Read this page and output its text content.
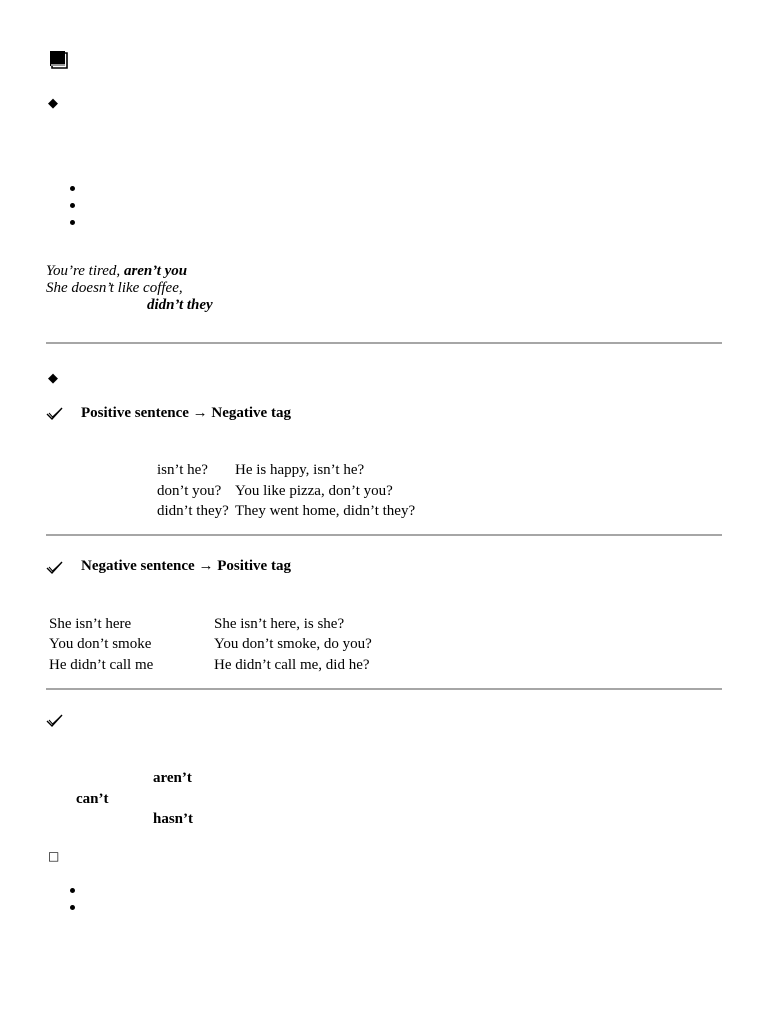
◆
You’re tired, aren’t you
She doesn’t like coffee,
didn’t they
◆
Positive sentence → Negative tag
isn’t he? He is happy, isn’t he?
don’t you? You like pizza, don’t you?
didn’t they? They went home, didn’t they?
Negative sentence → Positive tag
She isn’t here	She isn’t here, is she?
You don’t smoke	You don’t smoke, do you?
He didn’t call me	He didn’t call me, did he?
aren’t
can’t
hasn’t
□
